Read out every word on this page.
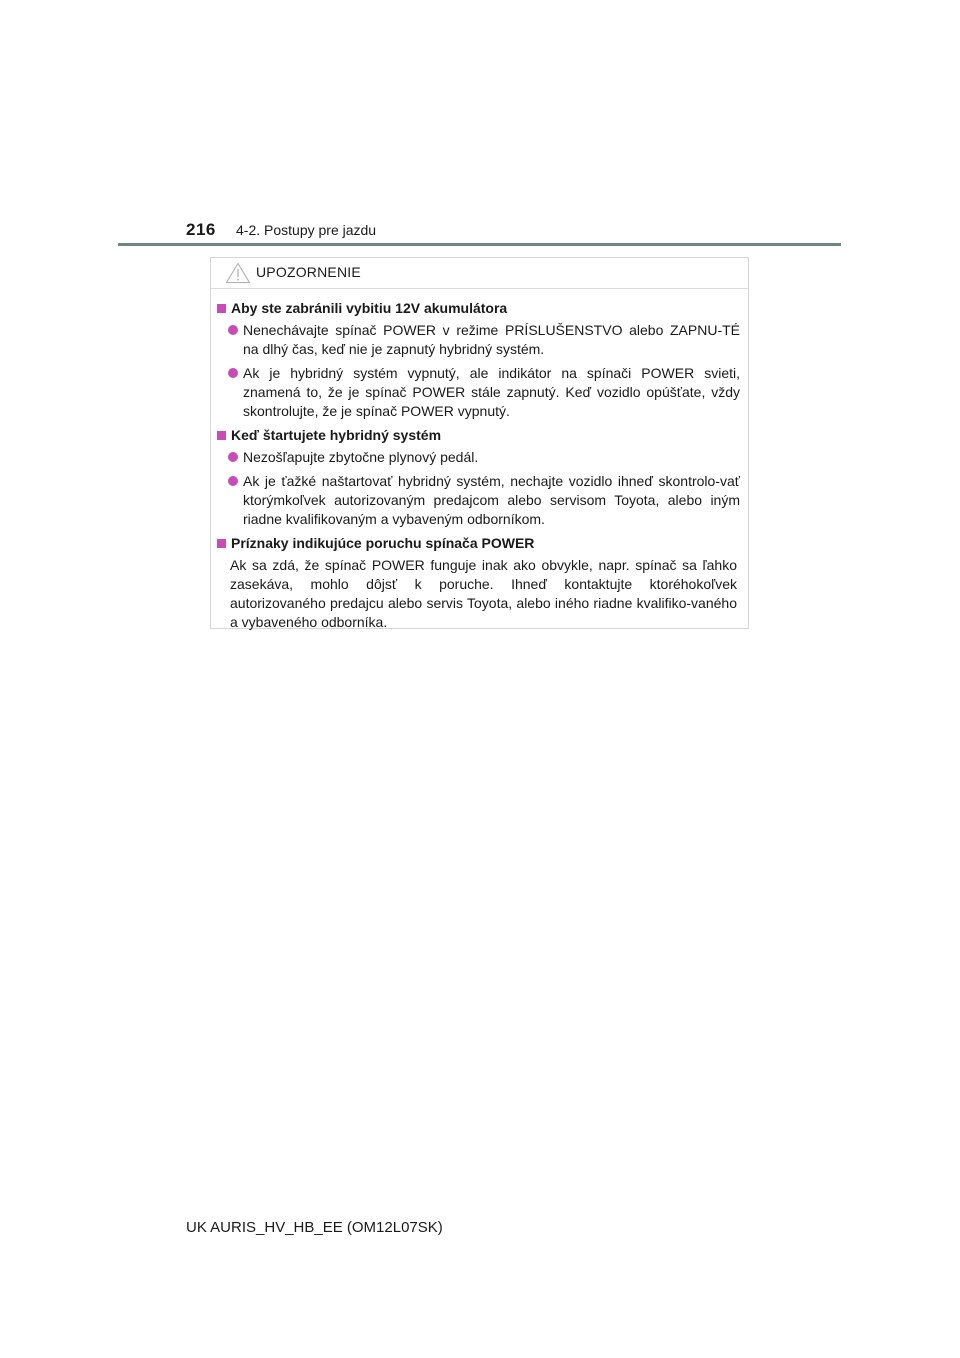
216 4-2. Postupy pre jazdu
UPOZORNENIE
Aby ste zabránili vybitiu 12V akumulátora
Nenechávajte spínač POWER v režime PRÍSLUŠENSTVO alebo ZAPNU-TÉ na dlhý čas, keď nie je zapnutý hybridný systém.
Ak je hybridný systém vypnutý, ale indikátor na spínači POWER svieti, znamená to, že je spínač POWER stále zapnutý. Keď vozidlo opúšťate, vždy skontrolujte, že je spínač POWER vypnutý.
Keď štartujete hybridný systém
Nezošľapujte zbytočne plynový pedál.
Ak je ťažké naštartovať hybridný systém, nechajte vozidlo ihneď skontrolo-vať ktorýmkoľvek autorizovaným predajcom alebo servisom Toyota, alebo iným riadne kvalifikovaným a vybaveným odborníkom.
Príznaky indikujúce poruchu spínača POWER
Ak sa zdá, že spínač POWER funguje inak ako obvykle, napr. spínač sa ľahko zasekáva, mohlo dôjsť k poruche. Ihneď kontaktujte ktoréhokoľvek autorizovaného predajcu alebo servis Toyota, alebo iného riadne kvalifiko-vaného a vybaveného odborníka.
UK AURIS_HV_HB_EE (OM12L07SK)
